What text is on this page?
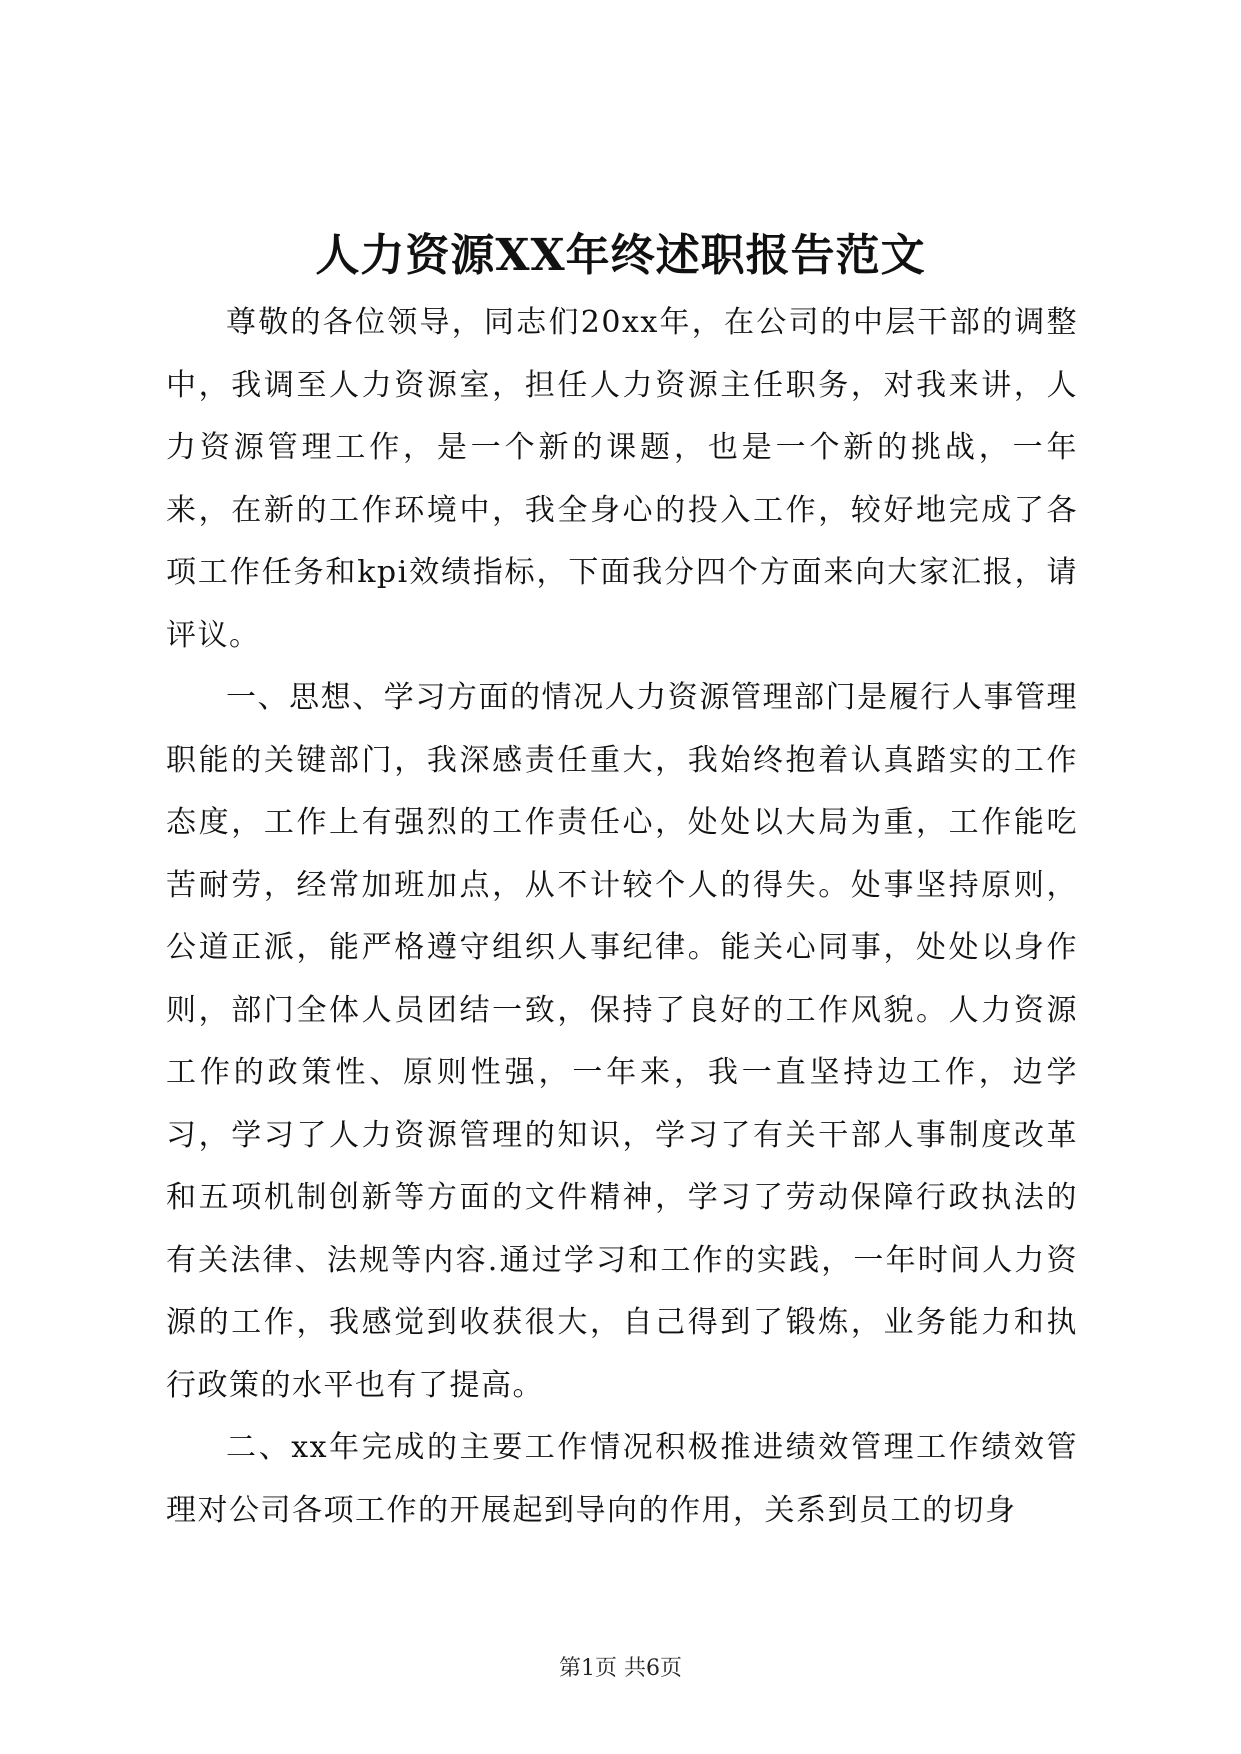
人力资源XX年终述职报告范文

尊敬的各位领导，同志们20xx年，在公司的中层干部的调整中，我调至人力资源室，担任人力资源主任职务，对我来讲，人力资源管理工作，是一个新的课题，也是一个新的挑战，一年来，在新的工作环境中，我全身心的投入工作，较好地完成了各项工作任务和kpi效绩指标，下面我分四个方面来向大家汇报，请评议。

一、思想、学习方面的情况人力资源管理部门是履行人事管理职能的关键部门，我深感责任重大，我始终抱着认真踏实的工作态度，工作上有强烈的工作责任心，处处以大局为重，工作能吃苦耐劳，经常加班加点，从不计较个人的得失。处事坚持原则，公道正派，能严格遵守组织人事纪律。能关心同事，处处以身作则，部门全体人员团结一致，保持了良好的工作风貌。人力资源工作的政策性、原则性强，一年来，我一直坚持边工作，边学习，学习了人力资源管理的知识，学习了有关干部人事制度改革和五项机制创新等方面的文件精神，学习了劳动保障行政执法的有关法律、法规等内容.通过学习和工作的实践，一年时间人力资源的工作，我感觉到收获很大，自己得到了锻炼，业务能力和执行政策的水平也有了提高。

二、xx年完成的主要工作情况积极推进绩效管理工作绩效管理对公司各项工作的开展起到导向的作用，关系到员工的切身

第1页 共6页
